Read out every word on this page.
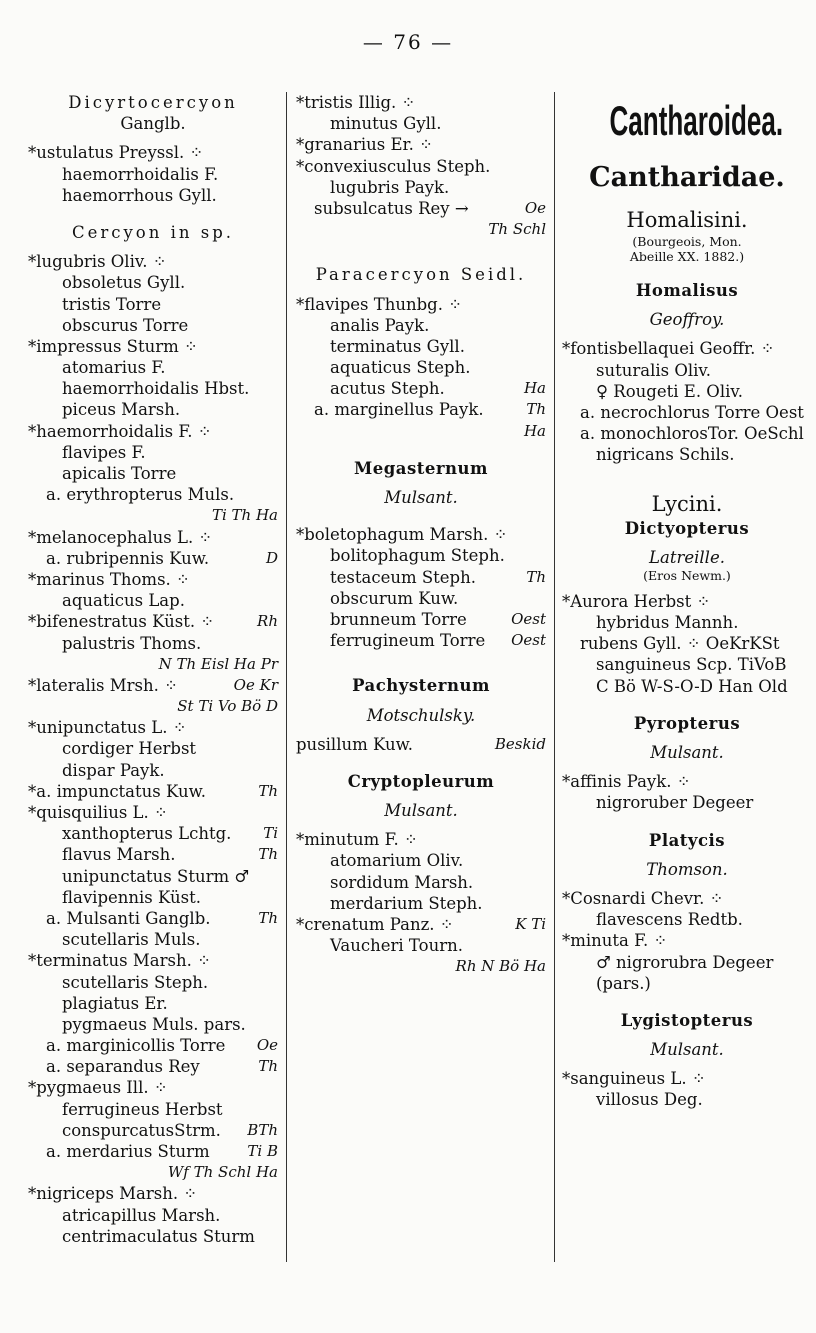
— 76 —
Dicyrtocercyon
Ganglb.
*ustulatus Preyssl. ⁘
haemorrhoidalis F.
haemorrhous Gyll.
Cercyon in sp.
*lugubris Oliv. ⁘
obsoletus Gyll.
tristis Torre
obscurus Torre
*impressus Sturm ⁘
atomarius F.
haemorrhoidalis Hbst.
piceus Marsh.
*haemorrhoidalis F. ⁘
flavipes F.
apicalis Torre
a. erythropterus Muls.
Ti Th Ha
*melanocephalus L. ⁘
a. rubripennis Kuw.	D
*marinus Thoms. ⁘
aquaticus Lap.
*bifenestratus Küst. ⁘	Rh
palustris Thoms.
N Th Eisl Ha Pr
*lateralis Mrsh. ⁘	Oe Kr
St Ti Vo Bö D
*unipunctatus L. ⁘
cordiger Herbst
dispar Payk.
*a. impunctatus Kuw.	Th
*quisquilius L. ⁘
xanthopterus Lchtg. Ti
flavus Marsh.	Th
unipunctatus Sturm ♂
flavipennis Küst.
a. Mulsanti Ganglb.	Th
scutellaris Muls.
*terminatus Marsh. ⁘
scutellaris Steph.
plagiatus Er.
pygmaeus Muls. pars.
a. marginicollis Torre Oe
a. separandus Rey	Th
*pygmaeus Ill. ⁘
ferrugineus Herbst
conspurcatusStrm. BTh
a. merdarius Sturm	Ti B
Wf Th Schl Ha
*nigriceps Marsh. ⁘
atricapillus Marsh.
centrimaculatus Sturm
*tristis Illig. ⁘
minutus Gyll.
*granarius Er. ⁘
*convexiusculus Steph.
lugubris Payk.
subsulcatus Rey →	Oe
Th Schl
Paracercyon Seidl.
*flavipes Thunbg. ⁘
analis Payk.
terminatus Gyll.
aquaticus Steph.
acutus Steph.	Ha
a. marginellus Payk.	Th
Ha
Megasternum
Mulsant.
*boletophagum Marsh. ⁘
bolitophagum Steph.
testaceum Steph.	Th
obscurum Kuw.
brunneum Torre	Oest
ferrugineum Torre Oest
Pachysternum
Motschulsky.
pusillum Kuw.	Beskid
Cryptopleurum
Mulsant.
*minutum F. ⁘
atomarium Oliv.
sordidum Marsh.
merdarium Steph.
*crenatum Panz. ⁘	K Ti
Vaucheri Tourn.
Rh N Bö Ha
Cantharoidea.
Cantharidae.
Homalisini.
(Bourgeois, Mon.
Abeille XX. 1882.)
Homalisus
Geoffroy.
*fontisbellaquei Geoffr. ⁘
suturalis Oliv.
♀ Rougeti E. Oliv.
a. necrochlorus Torre Oest
a. monochlorosTor. OeSchl
nigricans Schils.
Lycini.
Dictyopterus
Latreille.
(Eros Newm.)
*Aurora Herbst ⁘
hybridus Mannh.
rubens Gyll. ⁘ OeKrKSt
sanguineus Scp. TiVoB
C Bö W-S-O-D Han Old
Pyropterus
Mulsant.
*affinis Payk. ⁘
nigroruber Degeer
Platycis
Thomson.
*Cosnardi Chevr. ⁘
flavescens Redtb.
*minuta F. ⁘
♂ nigrorubra Degeer
(pars.)
Lygistopterus
Mulsant.
*sanguineus L. ⁘
villosus Deg.
